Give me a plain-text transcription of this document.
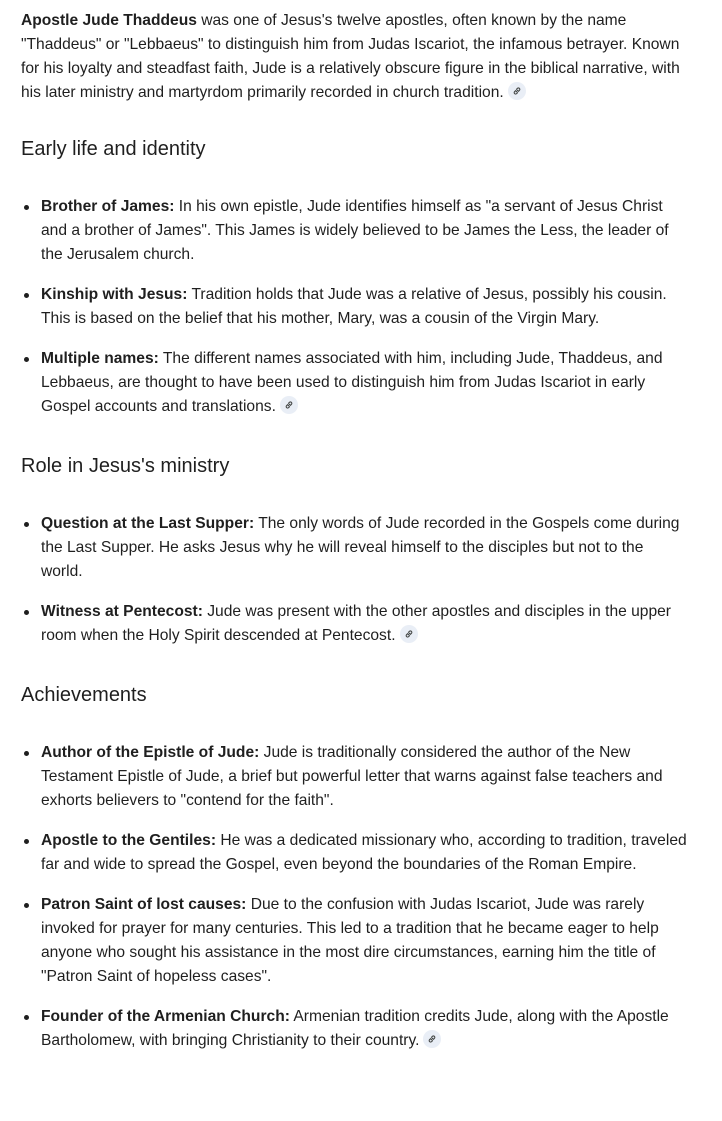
Apostle Jude Thaddeus was one of Jesus's twelve apostles, often known by the name "Thaddeus" or "Lebbaeus" to distinguish him from Judas Iscariot, the infamous betrayer. Known for his loyalty and steadfast faith, Jude is a relatively obscure figure in the biblical narrative, with his later ministry and martyrdom primarily recorded in church tradition.

Early life and identity
Brother of James: In his own epistle, Jude identifies himself as "a servant of Jesus Christ and a brother of James". This James is widely believed to be James the Less, the leader of the Jerusalem church.
Kinship with Jesus: Tradition holds that Jude was a relative of Jesus, possibly his cousin. This is based on the belief that his mother, Mary, was a cousin of the Virgin Mary.
Multiple names: The different names associated with him, including Jude, Thaddeus, and Lebbaeus, are thought to have been used to distinguish him from Judas Iscariot in early Gospel accounts and translations.
Role in Jesus's ministry
Question at the Last Supper: The only words of Jude recorded in the Gospels come during the Last Supper. He asks Jesus why he will reveal himself to the disciples but not to the world.
Witness at Pentecost: Jude was present with the other apostles and disciples in the upper room when the Holy Spirit descended at Pentecost.
Achievements
Author of the Epistle of Jude: Jude is traditionally considered the author of the New Testament Epistle of Jude, a brief but powerful letter that warns against false teachers and exhorts believers to "contend for the faith".
Apostle to the Gentiles: He was a dedicated missionary who, according to tradition, traveled far and wide to spread the Gospel, even beyond the boundaries of the Roman Empire.
Patron Saint of lost causes: Due to the confusion with Judas Iscariot, Jude was rarely invoked for prayer for many centuries. This led to a tradition that he became eager to help anyone who sought his assistance in the most dire circumstances, earning him the title of "Patron Saint of hopeless cases".
Founder of the Armenian Church: Armenian tradition credits Jude, along with the Apostle Bartholomew, with bringing Christianity to their country.
